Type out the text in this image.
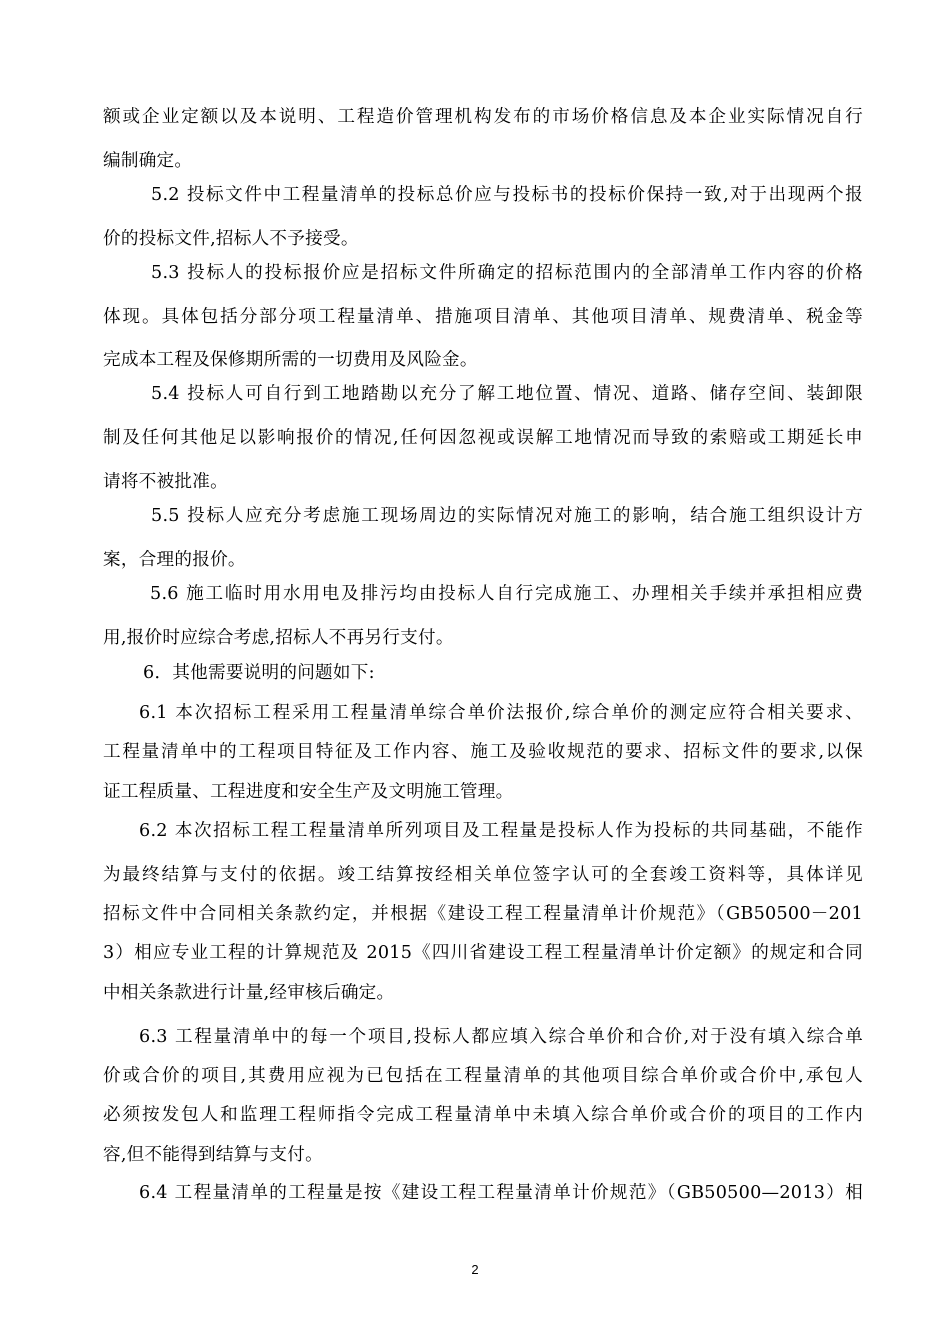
额或企业定额以及本说明、工程造价管理机构发布的市场价格信息及本企业实际情况自行
编制确定。
5.2 投标文件中工程量清单的投标总价应与投标书的投标价保持一致,对于出现两个报
价的投标文件,招标人不予接受。
5.3 投标人的投标报价应是招标文件所确定的招标范围内的全部清单工作内容的价格
体现。具体包括分部分项工程量清单、措施项目清单、其他项目清单、规费清单、税金等
完成本工程及保修期所需的一切费用及风险金。
5.4 投标人可自行到工地踏勘以充分了解工地位置、情况、道路、储存空间、装卸限
制及任何其他足以影响报价的情况,任何因忽视或误解工地情况而导致的索赔或工期延长申
请将不被批准。
5.5 投标人应充分考虑施工现场周边的实际情况对施工的影响，结合施工组织设计方
案，合理的报价。
5.6 施工临时用水用电及排污均由投标人自行完成施工、办理相关手续并承担相应费
用,报价时应综合考虑,招标人不再另行支付。
6．其他需要说明的问题如下:
6.1 本次招标工程采用工程量清单综合单价法报价,综合单价的测定应符合相关要求、
工程量清单中的工程项目特征及工作内容、施工及验收规范的要求、招标文件的要求,以保
证工程质量、工程进度和安全生产及文明施工管理。
6.2 本次招标工程工程量清单所列项目及工程量是投标人作为投标的共同基础，不能作
为最终结算与支付的依据。竣工结算按经相关单位签字认可的全套竣工资料等，具体详见
招标文件中合同相关条款约定，并根据《建设工程工程量清单计价规范》（GB50500－201
3）相应专业工程的计算规范及 2015《四川省建设工程工程量清单计价定额》的规定和合同
中相关条款进行计量,经审核后确定。
6.3 工程量清单中的每一个项目,投标人都应填入综合单价和合价,对于没有填入综合单
价或合价的项目,其费用应视为已包括在工程量清单的其他项目综合单价或合价中,承包人
必须按发包人和监理工程师指令完成工程量清单中未填入综合单价或合价的项目的工作内
容,但不能得到结算与支付。
6.4 工程量清单的工程量是按《建设工程工程量清单计价规范》（GB50500—2013）相
2
